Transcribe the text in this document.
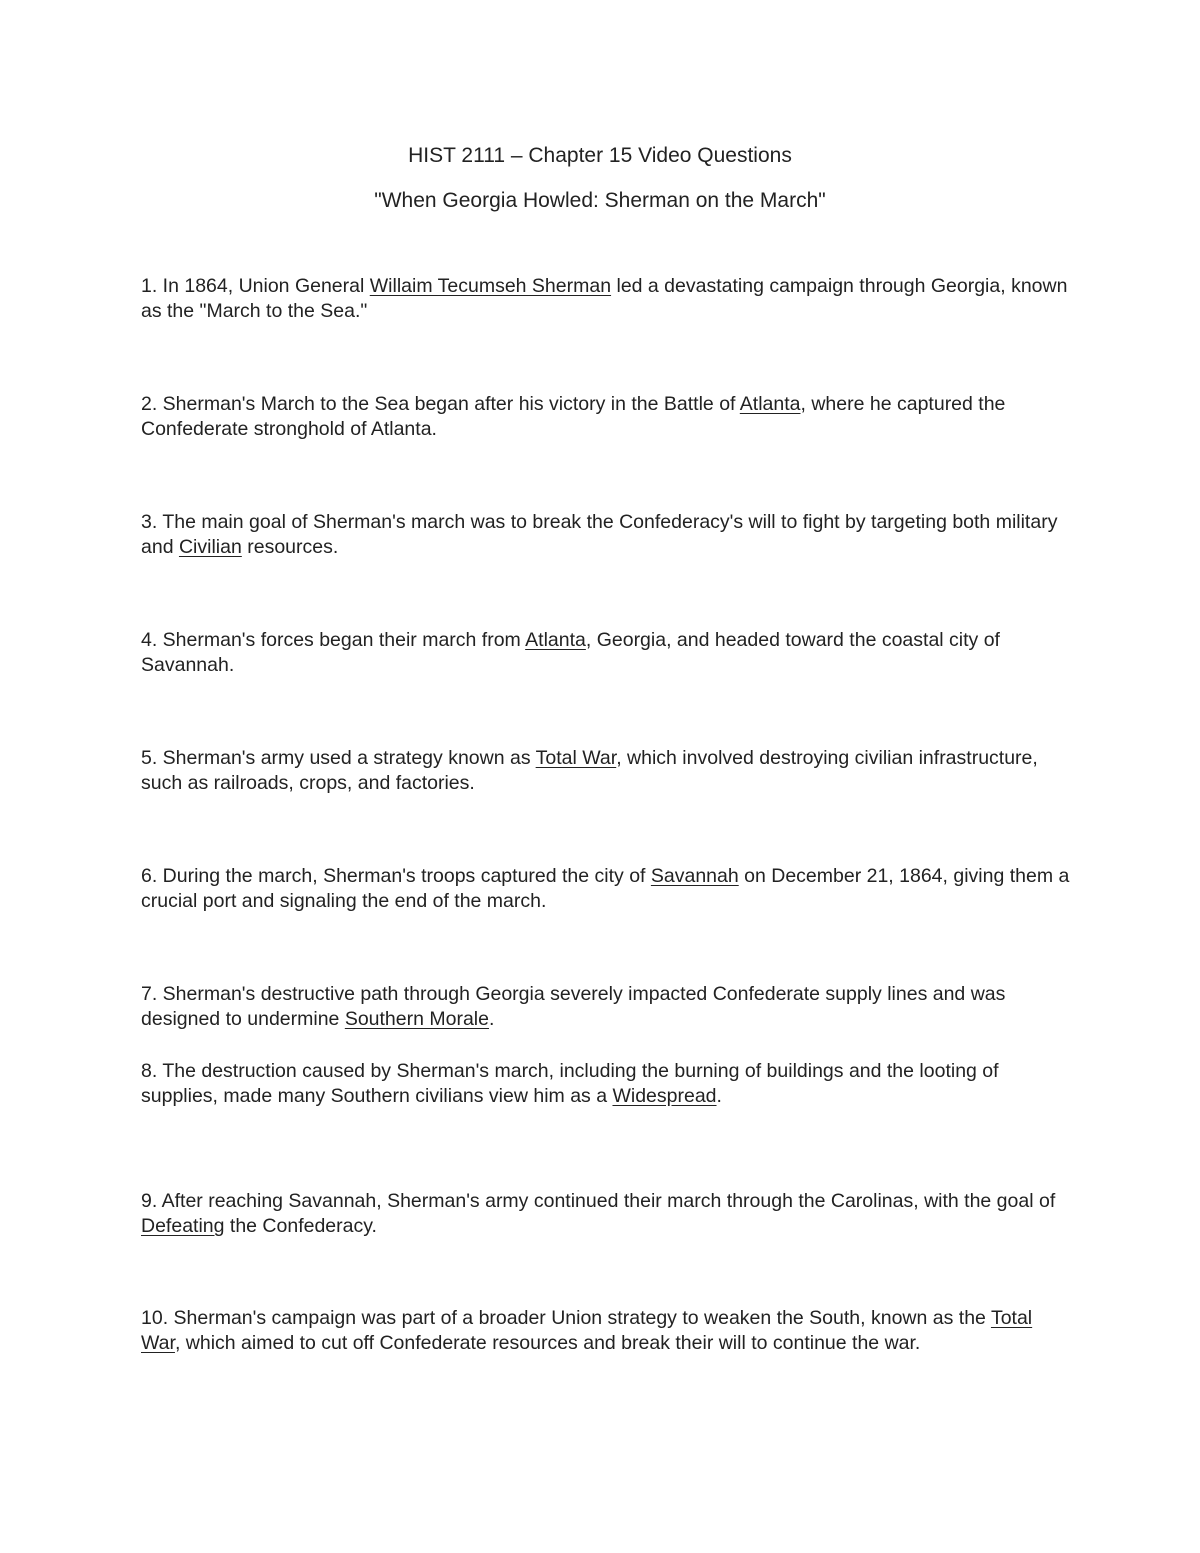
HIST 2111 – Chapter 15 Video Questions
"When Georgia Howled: Sherman on the March"

1. In 1864, Union General Willaim Tecumseh Sherman led a devastating campaign through Georgia, known as the "March to the Sea."

2. Sherman's March to the Sea began after his victory in the Battle of Atlanta, where he captured the Confederate stronghold of Atlanta.

3. The main goal of Sherman's march was to break the Confederacy's will to fight by targeting both military and Civilian resources.

4. Sherman's forces began their march from Atlanta, Georgia, and headed toward the coastal city of Savannah.

5. Sherman's army used a strategy known as Total War, which involved destroying civilian infrastructure, such as railroads, crops, and factories.

6. During the march, Sherman's troops captured the city of Savannah on December 21, 1864, giving them a crucial port and signaling the end of the march.

7. Sherman's destructive path through Georgia severely impacted Confederate supply lines and was designed to undermine Southern Morale.

8. The destruction caused by Sherman's march, including the burning of buildings and the looting of supplies, made many Southern civilians view him as a Widespread.

9. After reaching Savannah, Sherman's army continued their march through the Carolinas, with the goal of Defeating the Confederacy.

10. Sherman's campaign was part of a broader Union strategy to weaken the South, known as the Total War, which aimed to cut off Confederate resources and break their will to continue the war.
